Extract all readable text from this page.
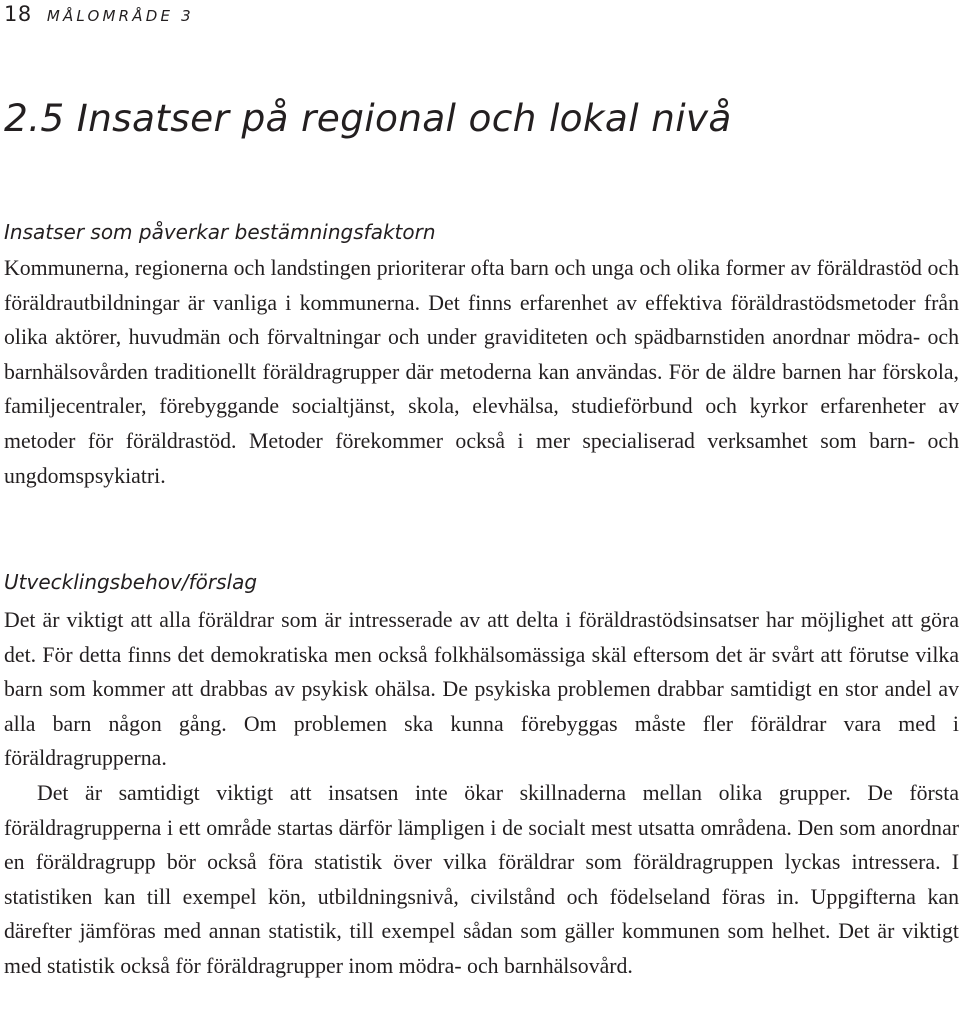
18 MÅLOMRÅDE 3
2.5 Insatser på regional och lokal nivå
Insatser som påverkar bestämningsfaktorn

Kommunerna, regionerna och landstingen prioriterar ofta barn och unga och olika former av föräldrastöd och föräldrautbildningar är vanliga i kommunerna. Det finns erfarenhet av effektiva föräldrastödsmetoder från olika aktörer, huvudmän och förvaltningar och under graviditeten och spädbarnstiden anordnar mödra- och barnhälsovården traditionellt föräldragrupper där metoderna kan användas. För de äldre barnen har förskola, familjecentraler, förebyggande socialtjänst, skola, elevhälsa, studieförbund och kyrkor erfarenheter av metoder för föräldrastöd. Metoder förekommer också i mer specialiserad verksamhet som barn- och ungdomspsykiatri.

Utvecklingsbehov/förslag

Det är viktigt att alla föräldrar som är intresserade av att delta i föräldrastödsinsatser har möjlighet att göra det. För detta finns det demokratiska men också folkhälsomässiga skäl eftersom det är svårt att förutse vilka barn som kommer att drabbas av psykisk ohälsa. De psykiska problemen drabbar samtidigt en stor andel av alla barn någon gång. Om problemen ska kunna förebyggas måste fler föräldrar vara med i föräldragrupperna.

Det är samtidigt viktigt att insatsen inte ökar skillnaderna mellan olika grupper. De första föräldragrupperna i ett område startas därför lämpligen i de socialt mest utsatta områdena. Den som anordnar en föräldragrupp bör också föra statistik över vilka föräldrar som föräldragruppen lyckas intressera. I statistiken kan till exempel kön, utbildningsnivå, civilstånd och födelseland föras in. Uppgifterna kan därefter jämföras med annan statistik, till exempel sådan som gäller kommunen som helhet. Det är viktigt med statistik också för föräldragrupper inom mödra- och barnhälsovård.
